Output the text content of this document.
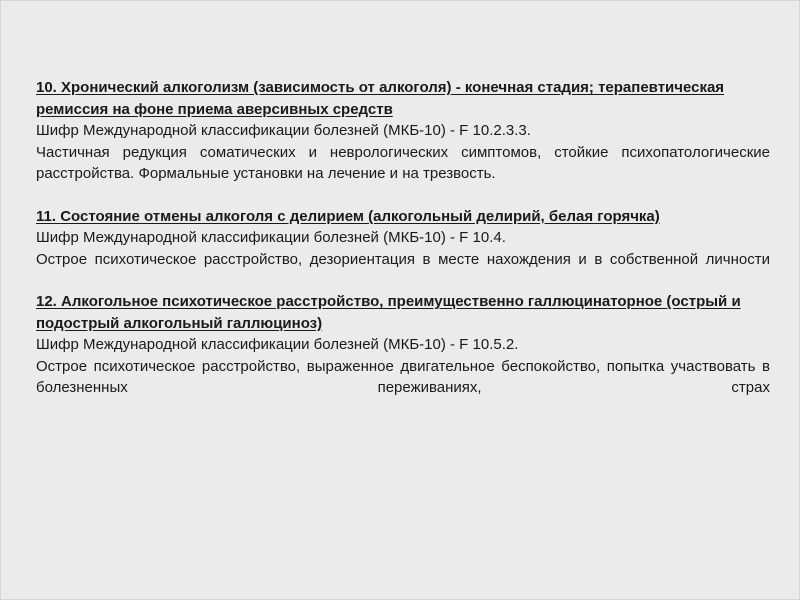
10. Хронический алкоголизм (зависимость от алкоголя) - конечная стадия; терапевтическая ремиссия на фоне приема аверсивных средств
Шифр Международной классификации болезней (МКБ-10) - F 10.2.3.3.
Частичная редукция соматических и неврологических симптомов, стойкие психопатологические расстройства. Формальные установки на лечение и на трезвость.
11. Состояние отмены алкоголя с делирием (алкогольный делирий, белая горячка)
Шифр Международной классификации болезней (МКБ-10) - F 10.4.
Острое психотическое расстройство, дезориентация в месте нахождения и в собственной личности
12. Алкогольное психотическое расстройство, преимущественно галлюцинаторное (острый и подострый алкогольный галлюциноз)
Шифр Международной классификации болезней (МКБ-10) - F 10.5.2.
Острое психотическое расстройство, выраженное двигательное беспокойство, попытка участвовать в болезненных переживаниях, страх
